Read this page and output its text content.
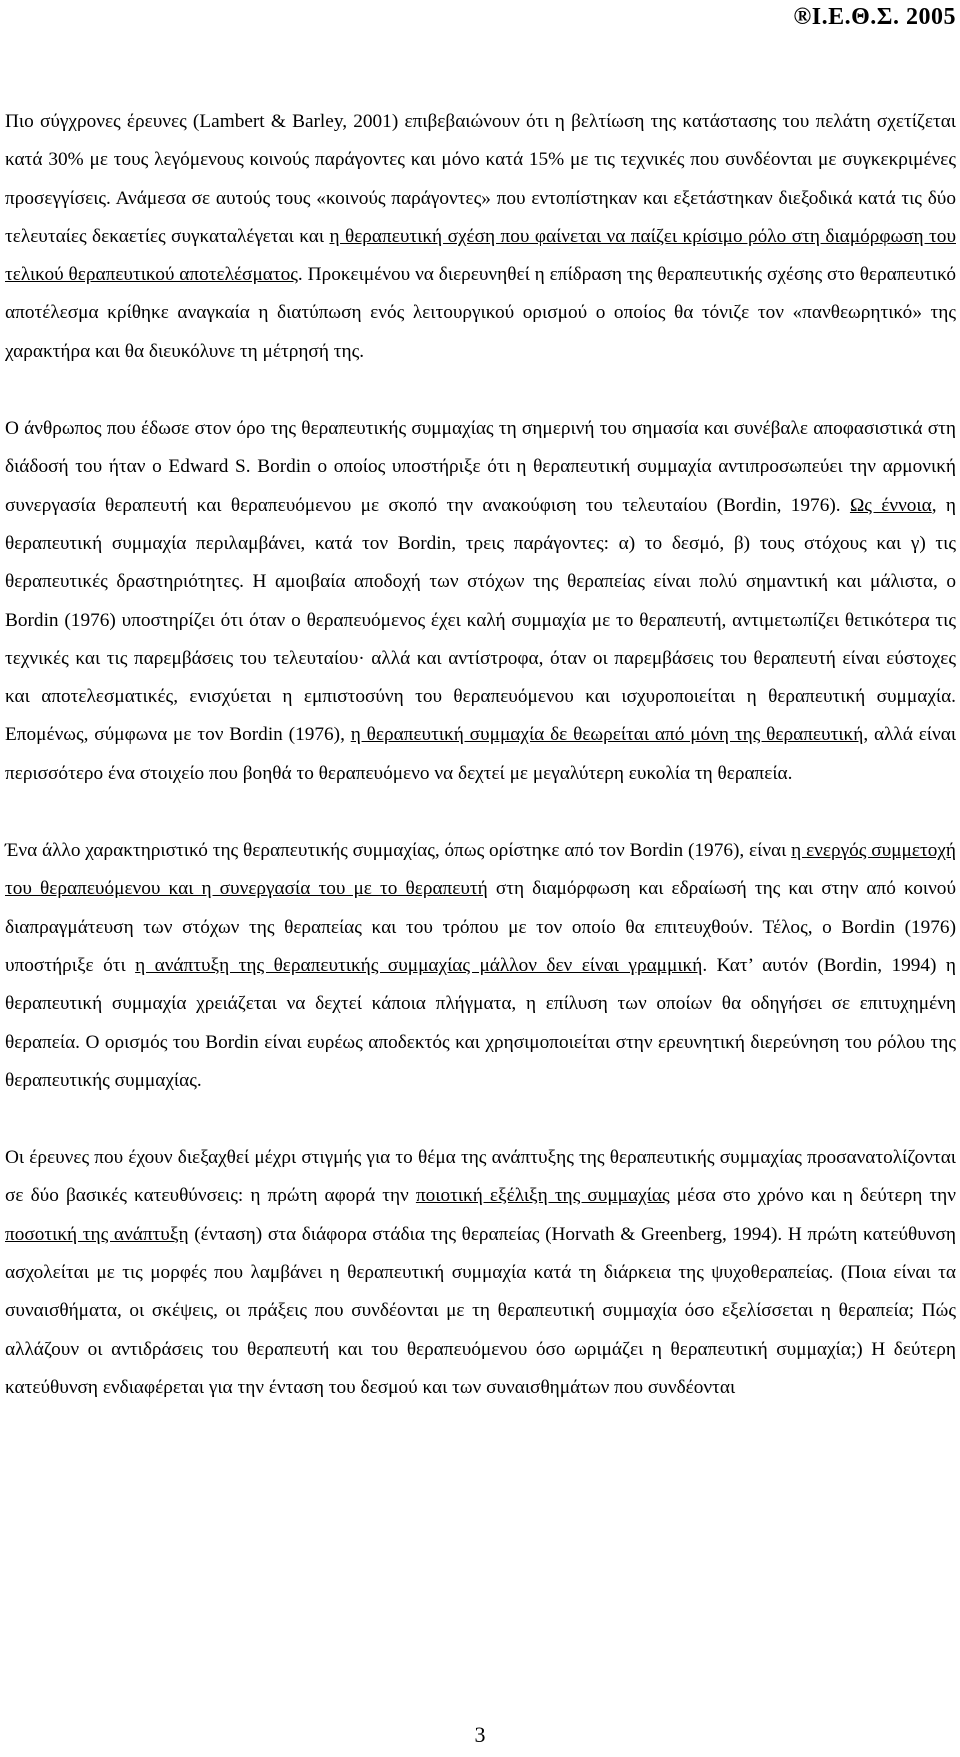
®Ι.Ε.Θ.Σ. 2005

Πιο σύγχρονες έρευνες (Lambert & Barley, 2001) επιβεβαιώνουν ότι η βελτίωση της κατάστασης του πελάτη σχετίζεται κατά 30% με τους λεγόμενους κοινούς παράγοντες και μόνο κατά 15% με τις τεχνικές που συνδέονται με συγκεκριμένες προσεγγίσεις. Ανάμεσα σε αυτούς τους «κοινούς παράγοντες» που εντοπίστηκαν και εξετάστηκαν διεξοδικά κατά τις δύο τελευταίες δεκαετίες συγκαταλέγεται και η θεραπευτική σχέση που φαίνεται να παίζει κρίσιμο ρόλο στη διαμόρφωση του τελικού θεραπευτικού αποτελέσματος. Προκειμένου να διερευνηθεί η επίδραση της θεραπευτικής σχέσης στο θεραπευτικό αποτέλεσμα κρίθηκε αναγκαία η διατύπωση ενός λειτουργικού ορισμού ο οποίος θα τόνιζε τον «πανθεωρητικό» της χαρακτήρα και θα διευκόλυνε τη μέτρησή της.

Ο άνθρωπος που έδωσε στον όρο της θεραπευτικής συμμαχίας τη σημερινή του σημασία και συνέβαλε αποφασιστικά στη διάδοσή του ήταν ο Edward S. Bordin ο οποίος υποστήριξε ότι η θεραπευτική συμμαχία αντιπροσωπεύει την αρμονική συνεργασία θεραπευτή και θεραπευόμενου με σκοπό την ανακούφιση του τελευταίου (Bordin, 1976). Ως έννοια, η θεραπευτική συμμαχία περιλαμβάνει, κατά τον Bordin, τρεις παράγοντες: α) το δεσμό, β) τους στόχους και γ) τις θεραπευτικές δραστηριότητες. Η αμοιβαία αποδοχή των στόχων της θεραπείας είναι πολύ σημαντική και μάλιστα, ο Bordin (1976) υποστηρίζει ότι όταν ο θεραπευόμενος έχει καλή συμμαχία με το θεραπευτή, αντιμετωπίζει θετικότερα τις τεχνικές και τις παρεμβάσεις του τελευταίου· αλλά και αντίστροφα, όταν οι παρεμβάσεις του θεραπευτή είναι εύστοχες και αποτελεσματικές, ενισχύεται η εμπιστοσύνη του θεραπευόμενου και ισχυροποιείται η θεραπευτική συμμαχία. Επομένως, σύμφωνα με τον Bordin (1976), η θεραπευτική συμμαχία δε θεωρείται από μόνη της θεραπευτική, αλλά είναι περισσότερο ένα στοιχείο που βοηθά το θεραπευόμενο να δεχτεί με μεγαλύτερη ευκολία τη θεραπεία.

Ένα άλλο χαρακτηριστικό της θεραπευτικής συμμαχίας, όπως ορίστηκε από τον Bordin (1976), είναι η ενεργός συμμετοχή του θεραπευόμενου και η συνεργασία του με το θεραπευτή στη διαμόρφωση και εδραίωσή της και στην από κοινού διαπραγμάτευση των στόχων της θεραπείας και του τρόπου με τον οποίο θα επιτευχθούν. Τέλος, ο Bordin (1976) υποστήριξε ότι η ανάπτυξη της θεραπευτικής συμμαχίας μάλλον δεν είναι γραμμική. Κατ’ αυτόν (Bordin, 1994) η θεραπευτική συμμαχία χρειάζεται να δεχτεί κάποια πλήγματα, η επίλυση των οποίων θα οδηγήσει σε επιτυχημένη θεραπεία. Ο ορισμός του Bordin είναι ευρέως αποδεκτός και χρησιμοποιείται στην ερευνητική διερεύνηση του ρόλου της θεραπευτικής συμμαχίας.

Οι έρευνες που έχουν διεξαχθεί μέχρι στιγμής για το θέμα της ανάπτυξης της θεραπευτικής συμμαχίας προσανατολίζονται σε δύο βασικές κατευθύνσεις: η πρώτη αφορά την ποιοτική εξέλιξη της συμμαχίας μέσα στο χρόνο και η δεύτερη την ποσοτική της ανάπτυξη (ένταση) στα διάφορα στάδια της θεραπείας (Horvath & Greenberg, 1994). Η πρώτη κατεύθυνση ασχολείται με τις μορφές που λαμβάνει η θεραπευτική συμμαχία κατά τη διάρκεια της ψυχοθεραπείας. (Ποια είναι τα συναισθήματα, οι σκέψεις, οι πράξεις που συνδέονται με τη θεραπευτική συμμαχία όσο εξελίσσεται η θεραπεία; Πώς αλλάζουν οι αντιδράσεις του θεραπευτή και του θεραπευόμενου όσο ωριμάζει η θεραπευτική συμμαχία;) Η δεύτερη κατεύθυνση ενδιαφέρεται για την ένταση του δεσμού και των συναισθημάτων που συνδέονται

3
